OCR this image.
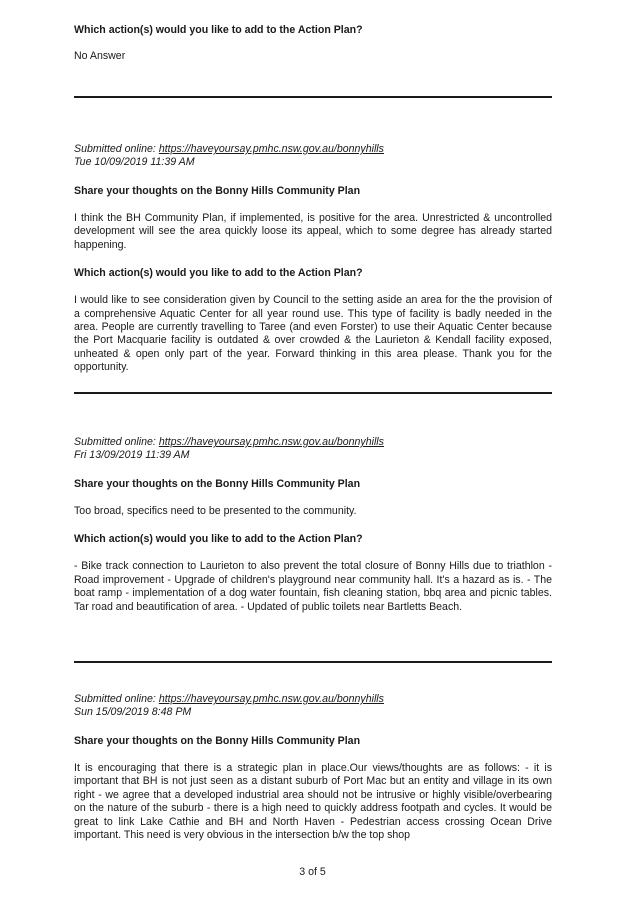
Which action(s) would you like to add to the Action Plan?

No Answer

Submitted online: https://haveyoursay.pmhc.nsw.gov.au/bonnyhills

Tue 10/09/2019 11:39 AM

Share your thoughts on the Bonny Hills Community Plan

I think the BH Community Plan, if implemented, is positive for the area. Unrestricted & uncontrolled development will see the area quickly loose its appeal, which to some degree has already started happening.

Which action(s) would you like to add to the Action Plan?

I would like to see consideration given by Council to the setting aside an area for the the provision of a comprehensive Aquatic Center for all year round use. This type of facility is badly needed in the area. People are currently travelling to Taree (and even Forster) to use their Aquatic Center because the Port Macquarie facility is outdated & over crowded & the Laurieton & Kendall facility exposed, unheated & open only part of the year. Forward thinking in this area please. Thank you for the opportunity.

Submitted online: https://haveyoursay.pmhc.nsw.gov.au/bonnyhills

Fri 13/09/2019 11:39 AM

Share your thoughts on the Bonny Hills Community Plan

Too broad, specifics need to be presented to the community.

Which action(s) would you like to add to the Action Plan?

- Bike track connection to Laurieton to also prevent the total closure of Bonny Hills due to triathlon - Road improvement - Upgrade of children's playground near community hall. It's a hazard as is. - The boat ramp - implementation of a dog water fountain, fish cleaning station, bbq area and picnic tables. Tar road and beautification of area. - Updated of public toilets near Bartletts Beach.

Submitted online: https://haveyoursay.pmhc.nsw.gov.au/bonnyhills

Sun 15/09/2019 8:48 PM

Share your thoughts on the Bonny Hills Community Plan

It is encouraging that there is a strategic plan in place.Our views/thoughts are as follows: - it is important that BH is not just seen as a distant suburb of Port Mac but an entity and village in its own right - we agree that a developed industrial area should not be intrusive or highly visible/overbearing on the nature of the suburb - there is a high need to quickly address footpath and cycles. It would be great to link Lake Cathie and BH and North Haven - Pedestrian access crossing Ocean Drive important. This need is very obvious in the intersection b/w the top shop

3 of 5
